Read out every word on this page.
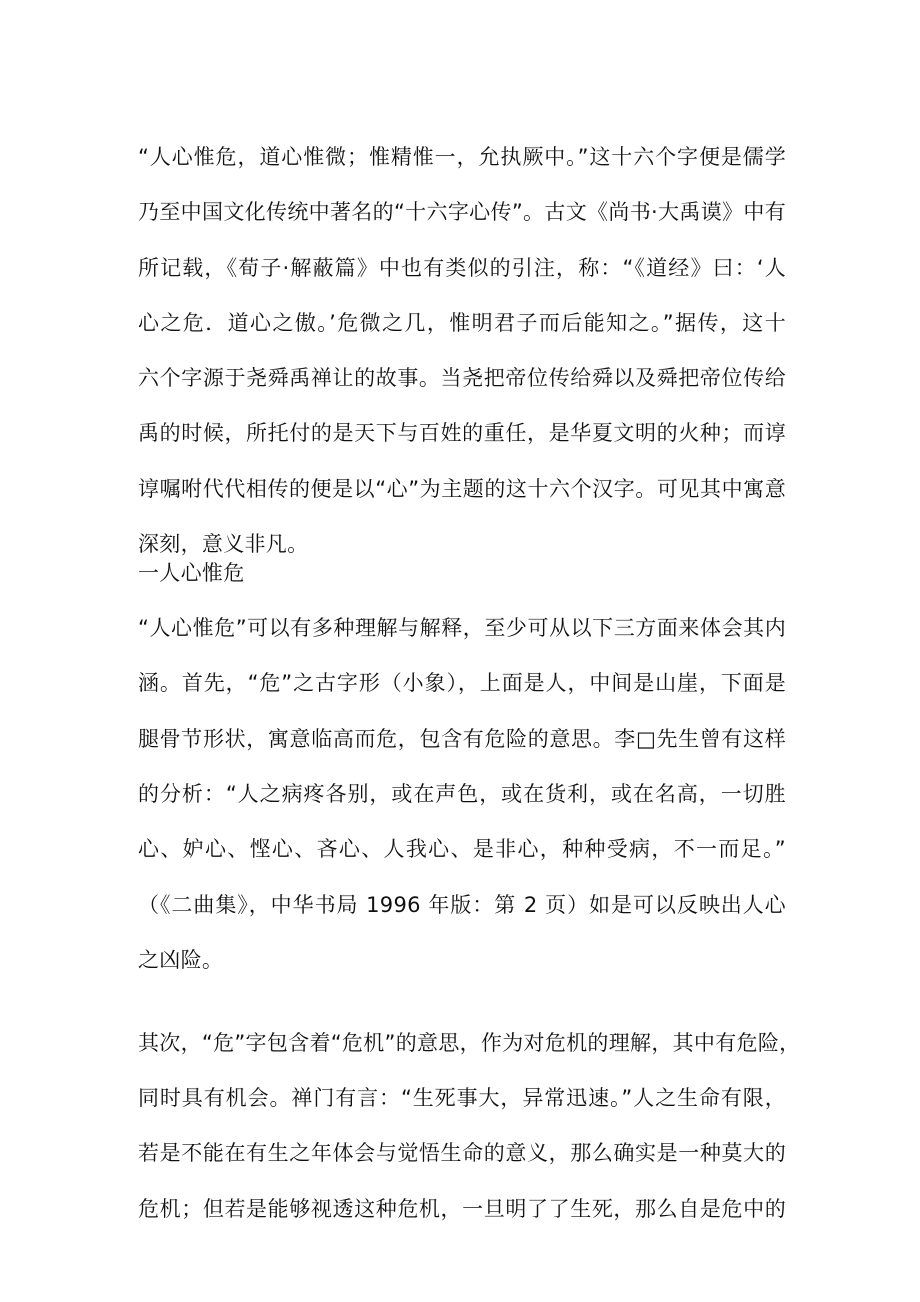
“人心惟危，道心惟微；惟精惟一，允执厥中。”这十六个字便是儒学
乃至中国文化传统中著名的“十六字心传”。古文《尚书·大禹谟》中有
所记载，《荀子·解蔽篇》中也有类似的引注，称：“《道经》曰：‘人
心之危．道心之傲。’危微之几，惟明君子而后能知之。”据传，这十
六个字源于尧舜禹禅让的故事。当尧把帝位传给舜以及舜把帝位传给
禹的时候，所托付的是天下与百姓的重任，是华夏文明的火种；而谆
谆嘱咐代代相传的便是以“心”为主题的这十六个汉字。可见其中寓意
深刻，意义非凡。
一人心惟危
“人心惟危”可以有多种理解与解释，至少可从以下三方面来体会其内
涵。首先，“危”之古字形（小象），上面是人，中间是山崖，下面是
腿骨节形状，寓意临高而危，包含有危险的意思。李□先生曾有这样
的分析：“人之病疼各别，或在声色，或在货利，或在名高，一切胜
心、妒心、悭心、吝心、人我心、是非心，种种受病，不一而足。”
（《二曲集》，中华书局 1996 年版：第 2 页）如是可以反映出人心
之凶险。
其次，“危”字包含着“危机”的意思，作为对危机的理解，其中有危险，
同时具有机会。禅门有言：“生死事大，异常迅速。”人之生命有限，
若是不能在有生之年体会与觉悟生命的意义，那么确实是一种莫大的
危机；但若是能够视透这种危机，一旦明了了生死，那么自是危中的
